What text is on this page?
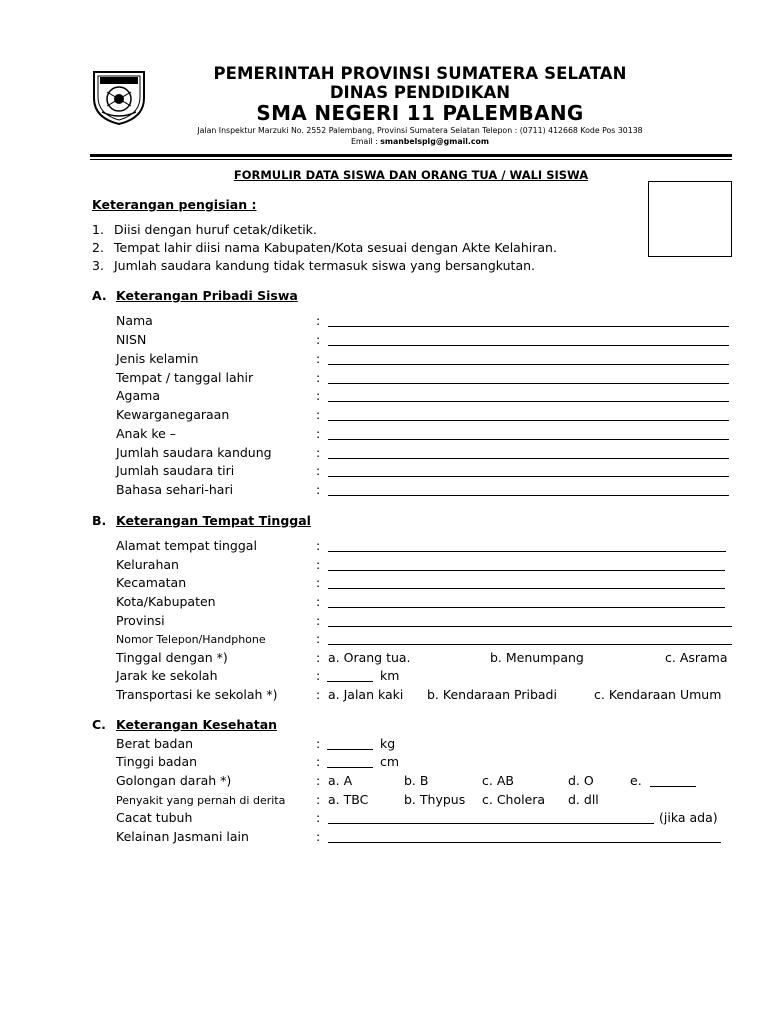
PEMERINTAH PROVINSI SUMATERA SELATAN
DINAS PENDIDIKAN
SMA NEGERI 11 PALEMBANG
Jalan Inspektur Marzuki No. 2552 Palembang, Provinsi Sumatera Selatan Telepon : (0711) 412668 Kode Pos 30138
Email : smanbelsplg@gmail.com
FORMULIR DATA SISWA DAN ORANG TUA / WALI SISWA
Keterangan pengisian :
1. Diisi dengan huruf cetak/diketik.
2. Tempat lahir diisi nama Kabupaten/Kota sesuai dengan Akte Kelahiran.
3. Jumlah saudara kandung tidak termasuk siswa yang bersangkutan.
A. Keterangan Pribadi Siswa
Nama	:
NISN	:
Jenis kelamin	:
Tempat / tanggal lahir	:
Agama	:
Kewarganegaraan	:
Anak ke –	:
Jumlah saudara kandung	:
Jumlah saudara tiri	:
Bahasa sehari-hari	:
B. Keterangan Tempat Tinggal
Alamat tempat tinggal	:
Kelurahan	:
Kecamatan	:
Kota/Kabupaten	:
Provinsi	:
Nomor Telepon/Handphone	:
Tinggal dengan *)	: a. Orang tua.	b. Menumpang	c. Asrama
Jarak ke sekolah	:	km
Transportasi ke sekolah *)	: a. Jalan kaki b. Kendaraan Pribadi	c. Kendaraan Umum
C. Keterangan Kesehatan
Berat badan	:	kg
Tinggi badan	:	cm
Golongan darah *)	: a. A	b. B	c. AB	d. O	e.
Penyakit yang pernah di derita : a. TBC	b. Thypus c. Cholera d. dll
Cacat tubuh	:	(jika ada)
Kelainan Jasmani lain	:
